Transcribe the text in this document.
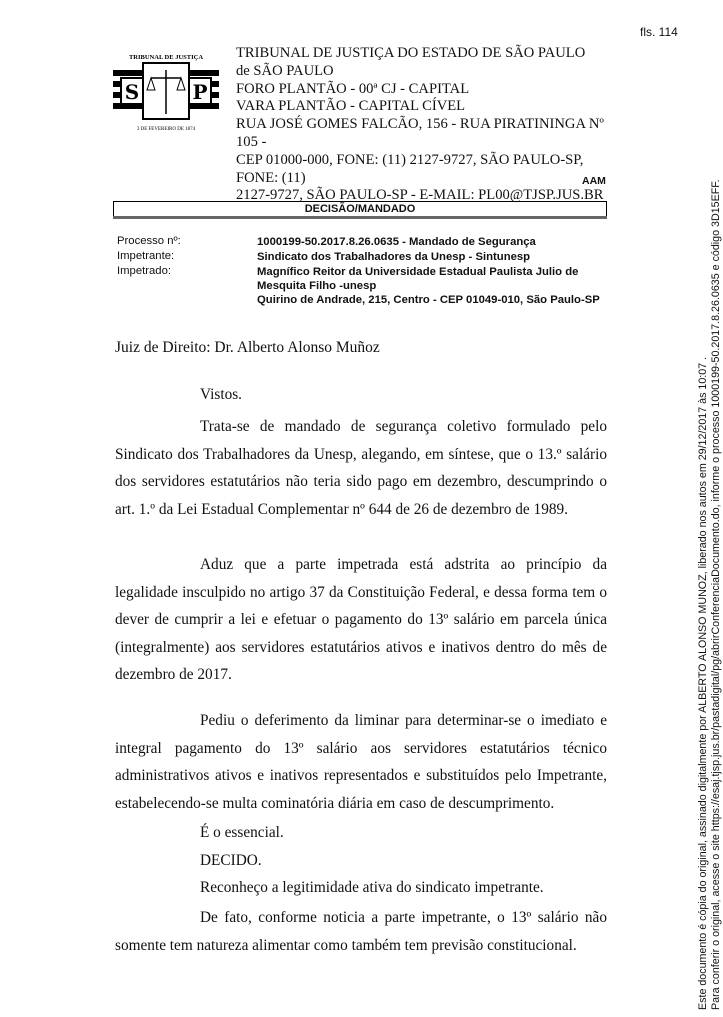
fls. 114
S	P
TRIBUNAL DE JUSTIÇA
3 DE FEVEREIRO DE 1874
TRIBUNAL DE JUSTIÇA DO ESTADO DE SÃO PAULO
de SÃO PAULO
FORO PLANTÃO - 00ª CJ - CAPITAL
VARA PLANTÃO - CAPITAL CÍVEL
RUA JOSÉ GOMES FALCÃO, 156 - RUA PIRATININGA Nº 105 -
CEP 01000-000, FONE: (11) 2127-9727, SÃO PAULO-SP, FONE: (11)
2127-9727, SÃO PAULO-SP - E-MAIL: PL00@TJSP.JUS.BR
AAM
DECISÃO/MANDADO
Processo nº:	1000199-50.2017.8.26.0635 - Mandado de Segurança
Impetrante:	Sindicato dos Trabalhadores da Unesp - Sintunesp
Impetrado:	Magnífico Reitor da Universidade Estadual Paulista Julio de
Mesquita Filho -unesp
Quirino de Andrade, 215, Centro - CEP 01049-010, São Paulo-SP
Juiz de Direito: Dr. Alberto Alonso Muñoz
Vistos.
Trata-se de mandado de segurança coletivo formulado pelo Sindicato dos Trabalhadores da Unesp, alegando, em síntese, que o 13.º salário dos servidores estatutários não teria sido pago em dezembro, descumprindo o art. 1.º da Lei Estadual Complementar nº 644 de 26 de dezembro de 1989.
Aduz que a parte impetrada está adstrita ao princípio da legalidade insculpido no artigo 37 da Constituição Federal, e dessa forma tem o dever de cumprir a lei e efetuar o pagamento do 13º salário em parcela única (integralmente) aos servidores estatutários ativos e inativos dentro do mês de dezembro de 2017.
Pediu o deferimento da liminar para determinar-se o imediato e integral pagamento do 13º salário aos servidores estatutários técnico administrativos ativos e inativos representados e substituídos pelo Impetrante, estabelecendo-se multa cominatória diária em caso de descumprimento.
É o essencial.
DECIDO.
Reconheço a legitimidade ativa do sindicato impetrante.
De fato, conforme noticia a parte impetrante, o 13º salário não somente tem natureza alimentar como também tem previsão constitucional.	Este documento é cópia do original, assinado digitalmente por ALBERTO ALONSO MUNOZ, liberado nos autos em 29/12/2017 às 10:07 . Para conferir o original, acesse o site https://esaj.tjsp.jus.br/pastadigital/pg/abrirConferenciaDocumento.do, informe o processo 1000199-50.2017.8.26.0635 e código 3D15EFF.
